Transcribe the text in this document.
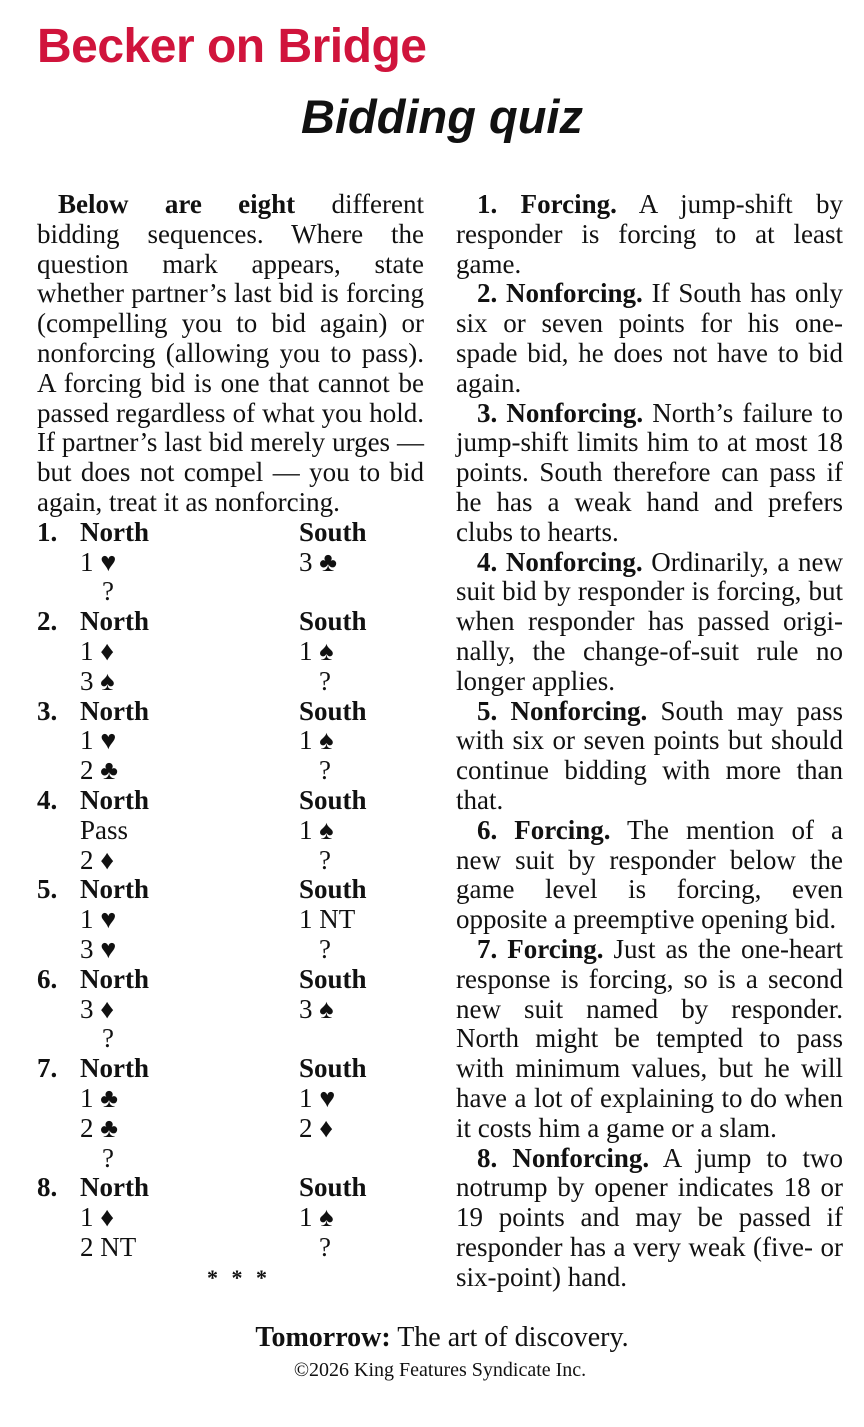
Becker on Bridge
Bidding quiz

Below are eight different bidding sequences. Where the question mark appears, state whether partner’s last bid is forcing (compelling you to bid again) or nonforcing (allowing you to pass). A forcing bid is one that cannot be passed regardless of what you hold. If partner’s last bid merely urges — but does not compel — you to bid again, treat it as nonforcing.

1. North	South
1 ♥	3 ♣
?
2. North	South
1 ♦	1 ♠
3 ♠	?
3. North	South
1 ♥	1 ♠
2 ♣	?
4. North	South
Pass	1 ♠
2 ♦	?
5. North	South
1 ♥	1 NT
3 ♥	?
6. North	South
3 ♦	3 ♠
?
7. North	South
1 ♣	1 ♥
2 ♣	2 ♦
?
8. North	South
1 ♦	1 ♠
2 NT	?
* * *

1. Forcing. A jump-shift by responder is forcing to at least game.

2. Nonforcing. If South has only six or seven points for his one-spade bid, he does not have to bid again.

3. Nonforcing. North’s failure to jump-shift limits him to at most 18 points. South therefore can pass if he has a weak hand and prefers clubs to hearts.

4. Nonforcing. Ordinarily, a new suit bid by responder is forcing, but when responder has passed originally, the change-of-suit rule no longer applies.

5. Nonforcing. South may pass with six or seven points but should continue bidding with more than that.

6. Forcing. The mention of a new suit by responder below the game level is forcing, even opposite a preemptive opening bid.

7. Forcing. Just as the one-heart response is forcing, so is a second new suit named by responder. North might be tempted to pass with minimum values, but he will have a lot of explaining to do when it costs him a game or a slam.

8. Nonforcing. A jump to two notrump by opener indicates 18 or 19 points and may be passed if responder has a very weak (five- or six-point) hand.

Tomorrow: The art of discovery.
©2026 King Features Syndicate Inc.
